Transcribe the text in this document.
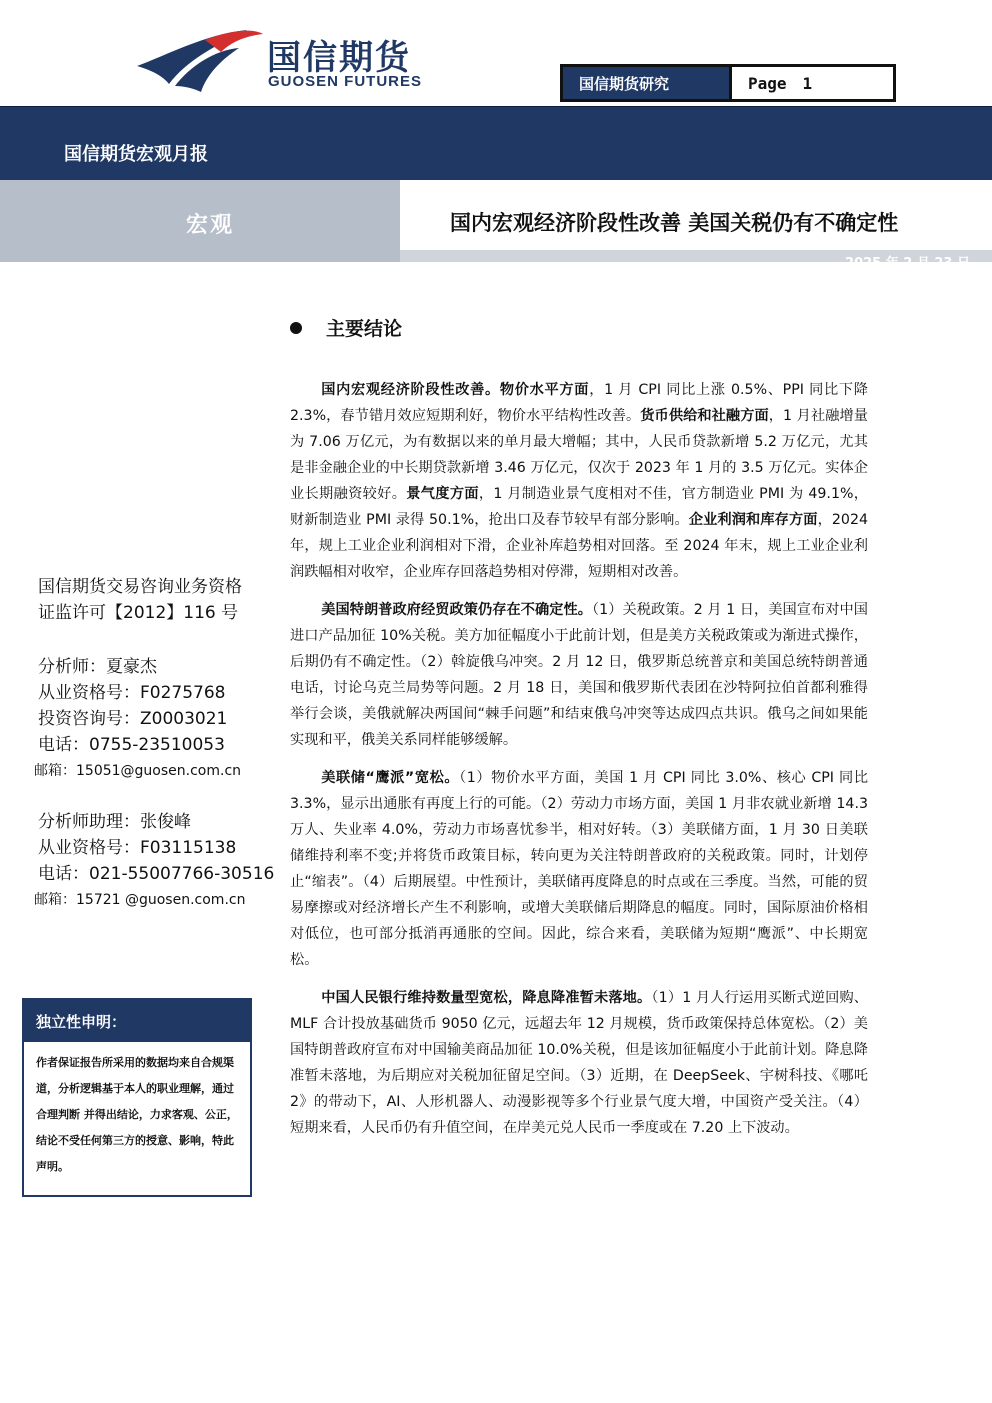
国信期货
GUOSEN FUTURES	国信期货研究	Page 1
国信期货宏观月报
宏观	国内宏观经济阶段性改善 美国关税仍有不确定性
2025 年 2 月 23 日
国信期货交易咨询业务资格
证监许可【2012】116 号
分析师：夏豪杰
从业资格号：F0275768
投资咨询号：Z0003021
电话：0755-23510053
邮箱：15051@guosen.com.cn
分析师助理：张俊峰
从业资格号：F03115138
电话：021-55007766-30516
邮箱：15721 @guosen.com.cn
独立性申明：
作者保证报告所采用的数据均来自合规渠道，分析逻辑基于本人的职业理解，通过合理判断 并得出结论，力求客观、公正，结论不受任何第三方的授意、影响，特此声明。
主要结论

国内宏观经济阶段性改善。物价水平方面，1 月 CPI 同比上涨 0.5%、PPI 同比下降 2.3%，春节错月效应短期利好，物价水平结构性改善。货币供给和社融方面，1 月社融增量为 7.06 万亿元，为有数据以来的单月最大增幅；其中，人民币贷款新增 5.2 万亿元，尤其是非金融企业的中长期贷款新增 3.46 万亿元，仅次于 2023 年 1 月的 3.5 万亿元。实体企业长期融资较好。景气度方面，1 月制造业景气度相对不佳，官方制造业 PMI 为 49.1%，财新制造业 PMI 录得 50.1%，抢出口及春节较早有部分影响。企业利润和库存方面，2024 年，规上工业企业利润相对下滑，企业补库趋势相对回落。至 2024 年末，规上工业企业利润跌幅相对收窄，企业库存回落趋势相对停滞，短期相对改善。

美国特朗普政府经贸政策仍存在不确定性。（1）关税政策。2 月 1 日，美国宣布对中国进口产品加征 10%关税。美方加征幅度小于此前计划，但是美方关税政策或为渐进式操作，后期仍有不确定性。（2）斡旋俄乌冲突。2 月 12 日，俄罗斯总统普京和美国总统特朗普通电话，讨论乌克兰局势等问题。2 月 18 日，美国和俄罗斯代表团在沙特阿拉伯首都利雅得举行会谈，美俄就解决两国间“棘手问题”和结束俄乌冲突等达成四点共识。俄乌之间如果能实现和平，俄美关系同样能够缓解。

美联储“鹰派”宽松。（1）物价水平方面，美国 1 月 CPI 同比 3.0%、核心 CPI 同比 3.3%，显示出通胀有再度上行的可能。（2）劳动力市场方面，美国 1 月非农就业新增 14.3 万人、失业率 4.0%，劳动力市场喜忧参半，相对好转。（3）美联储方面，1 月 30 日美联储维持利率不变;并将货币政策目标，转向更为关注特朗普政府的关税政策。同时，计划停止“缩表”。（4）后期展望。中性预计，美联储再度降息的时点或在三季度。当然，可能的贸易摩擦或对经济增长产生不利影响，或增大美联储后期降息的幅度。同时，国际原油价格相对低位，也可部分抵消再通胀的空间。因此，综合来看，美联储为短期“鹰派”、中长期宽松。

中国人民银行维持数量型宽松，降息降准暂未落地。（1）1 月人行运用买断式逆回购、MLF 合计投放基础货币 9050 亿元，远超去年 12 月规模，货币政策保持总体宽松。（2）美国特朗普政府宣布对中国输美商品加征 10.0%关税，但是该加征幅度小于此前计划。降息降准暂未落地，为后期应对关税加征留足空间。（3）近期，在 DeepSeek、宇树科技、《哪吒 2》的带动下，AI、人形机器人、动漫影视等多个行业景气度大增，中国资产受关注。（4）短期来看，人民币仍有升值空间，在岸美元兑人民币一季度或在 7.20 上下波动。
